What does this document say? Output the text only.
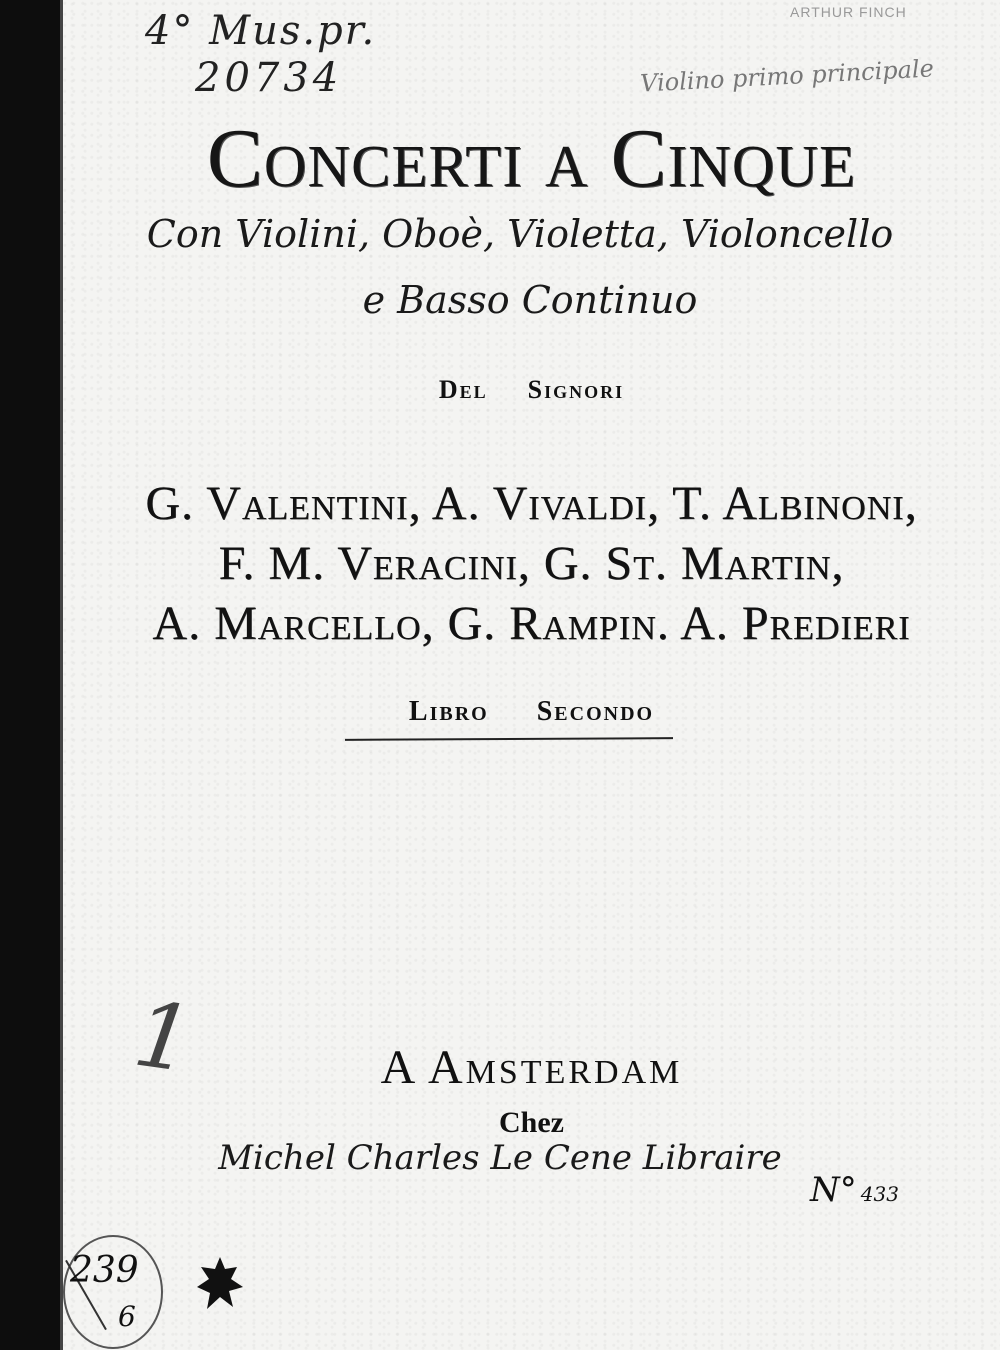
4° Mus.pr.
20734	Violino primo principale
ARTHUR FINCH
Concerti a Cinque
Con Violini, Oboè, Violetta, Violoncello
e Basso Continuo
Del Signori
G. Valentini, A. Vivaldi, T. Albinoni,
F. M. Veracini, G. St. Martin,
A. Marcello, G. Rampin. A. Predieri
Libro Secondo
1	A Amsterdam
Chez
Michel Charles Le Cene Libraire
N° 433
239
6
